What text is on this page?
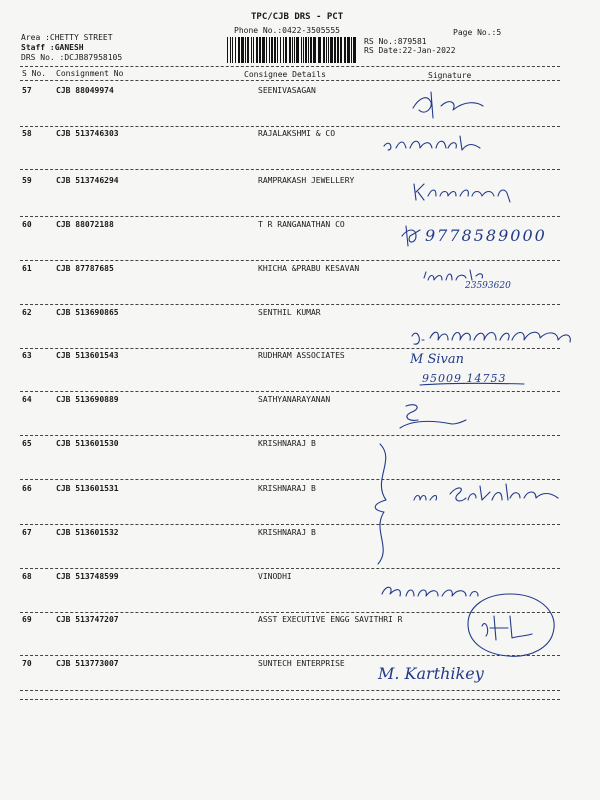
TPC/CJB DRS - PCT
Phone No.:0422-3505555	Page No.:5
Area :CHETTY STREET
Staff :GANESH
DRS No. :DCJB87958105
RS No.:879581
RS Date:22-Jan-2022
S No. Consignment No	Consignee Details	Signature
57	CJB 88049974	SEENIVASAGAN
58	CJB 513746303	RAJALAKSHMI & CO
59	CJB 513746294	RAMPRAKASH JEWELLERY
60	CJB 88072188	T R RANGANATHAN CO
61	CJB 87787685	KHICHA &PRABU KESAVAN
62	CJB 513690865	SENTHIL KUMAR
63	CJB 513601543	RUDHRAM ASSOCIATES
64	CJB 513690889	SATHYANARAYANAN
65	CJB 513601530	KRISHNARAJ B
66	CJB 513601531	KRISHNARAJ B
67	CJB 513601532	KRISHNARAJ B
68	CJB 513748599	VINODHI
69	CJB 513747207	ASST EXECUTIVE ENGG SAVITHRI R
70	CJB 513773007	SUNTECH ENTERPRISE
9778589000
23593620
M Sivan
95009 14753
M. Karthikey
